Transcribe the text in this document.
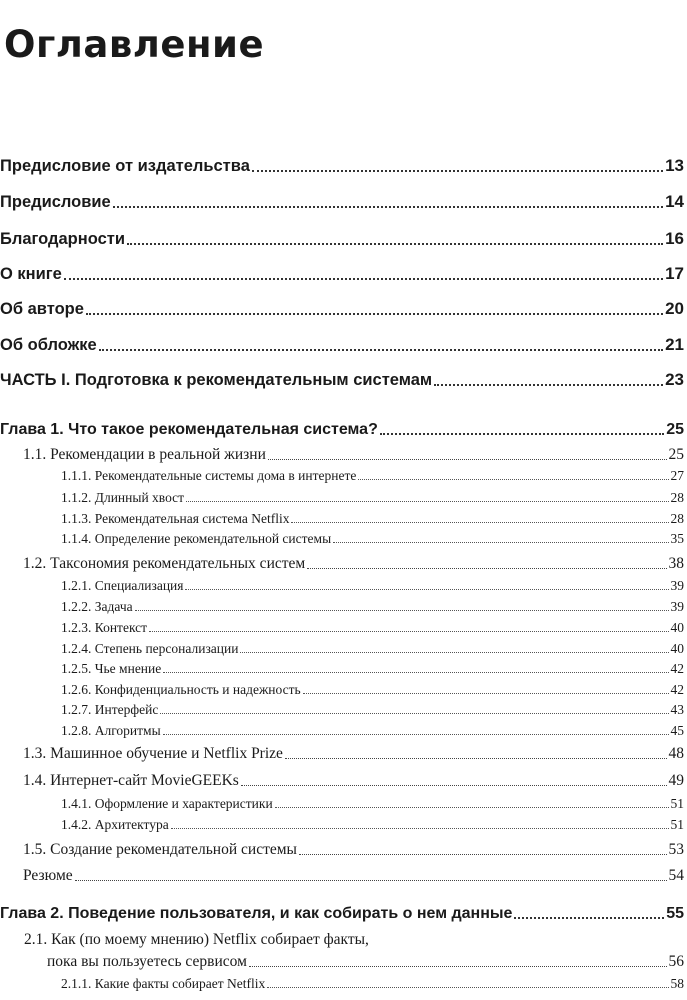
Оглавление
Предисловие от издательства	13
Предисловие	14
Благодарности	16
О книге	17
Об авторе	20
Об обложке	21
ЧАСТЬ I. Подготовка к рекомендательным системам	23
Глава 1. Что такое рекомендательная система?	25
1.1. Рекомендации в реальной жизни	25
1.1.1. Рекомендательные системы дома в интернете	27
1.1.2. Длинный хвост	28
1.1.3. Рекомендательная система Netflix	28
1.1.4. Определение рекомендательной системы	35
1.2. Таксономия рекомендательных систем	38
1.2.1. Специализация	39
1.2.2. Задача	39
1.2.3. Контекст	40
1.2.4. Степень персонализации	40
1.2.5. Чье мнение	42
1.2.6. Конфиденциальность и надежность	42
1.2.7. Интерфейс	43
1.2.8. Алгоритмы	45
1.3. Машинное обучение и Netflix Prize	48
1.4. Интернет-сайт MovieGEEKs	49
1.4.1. Оформление и характеристики	51
1.4.2. Архитектура	51
1.5. Создание рекомендательной системы	53
Резюме	54
Глава 2. Поведение пользователя, и как собирать о нем данные	55
2.1. Как (по моему мнению) Netflix собирает факты,
пока вы пользуетесь сервисом	56
2.1.1. Какие факты собирает Netflix	58
